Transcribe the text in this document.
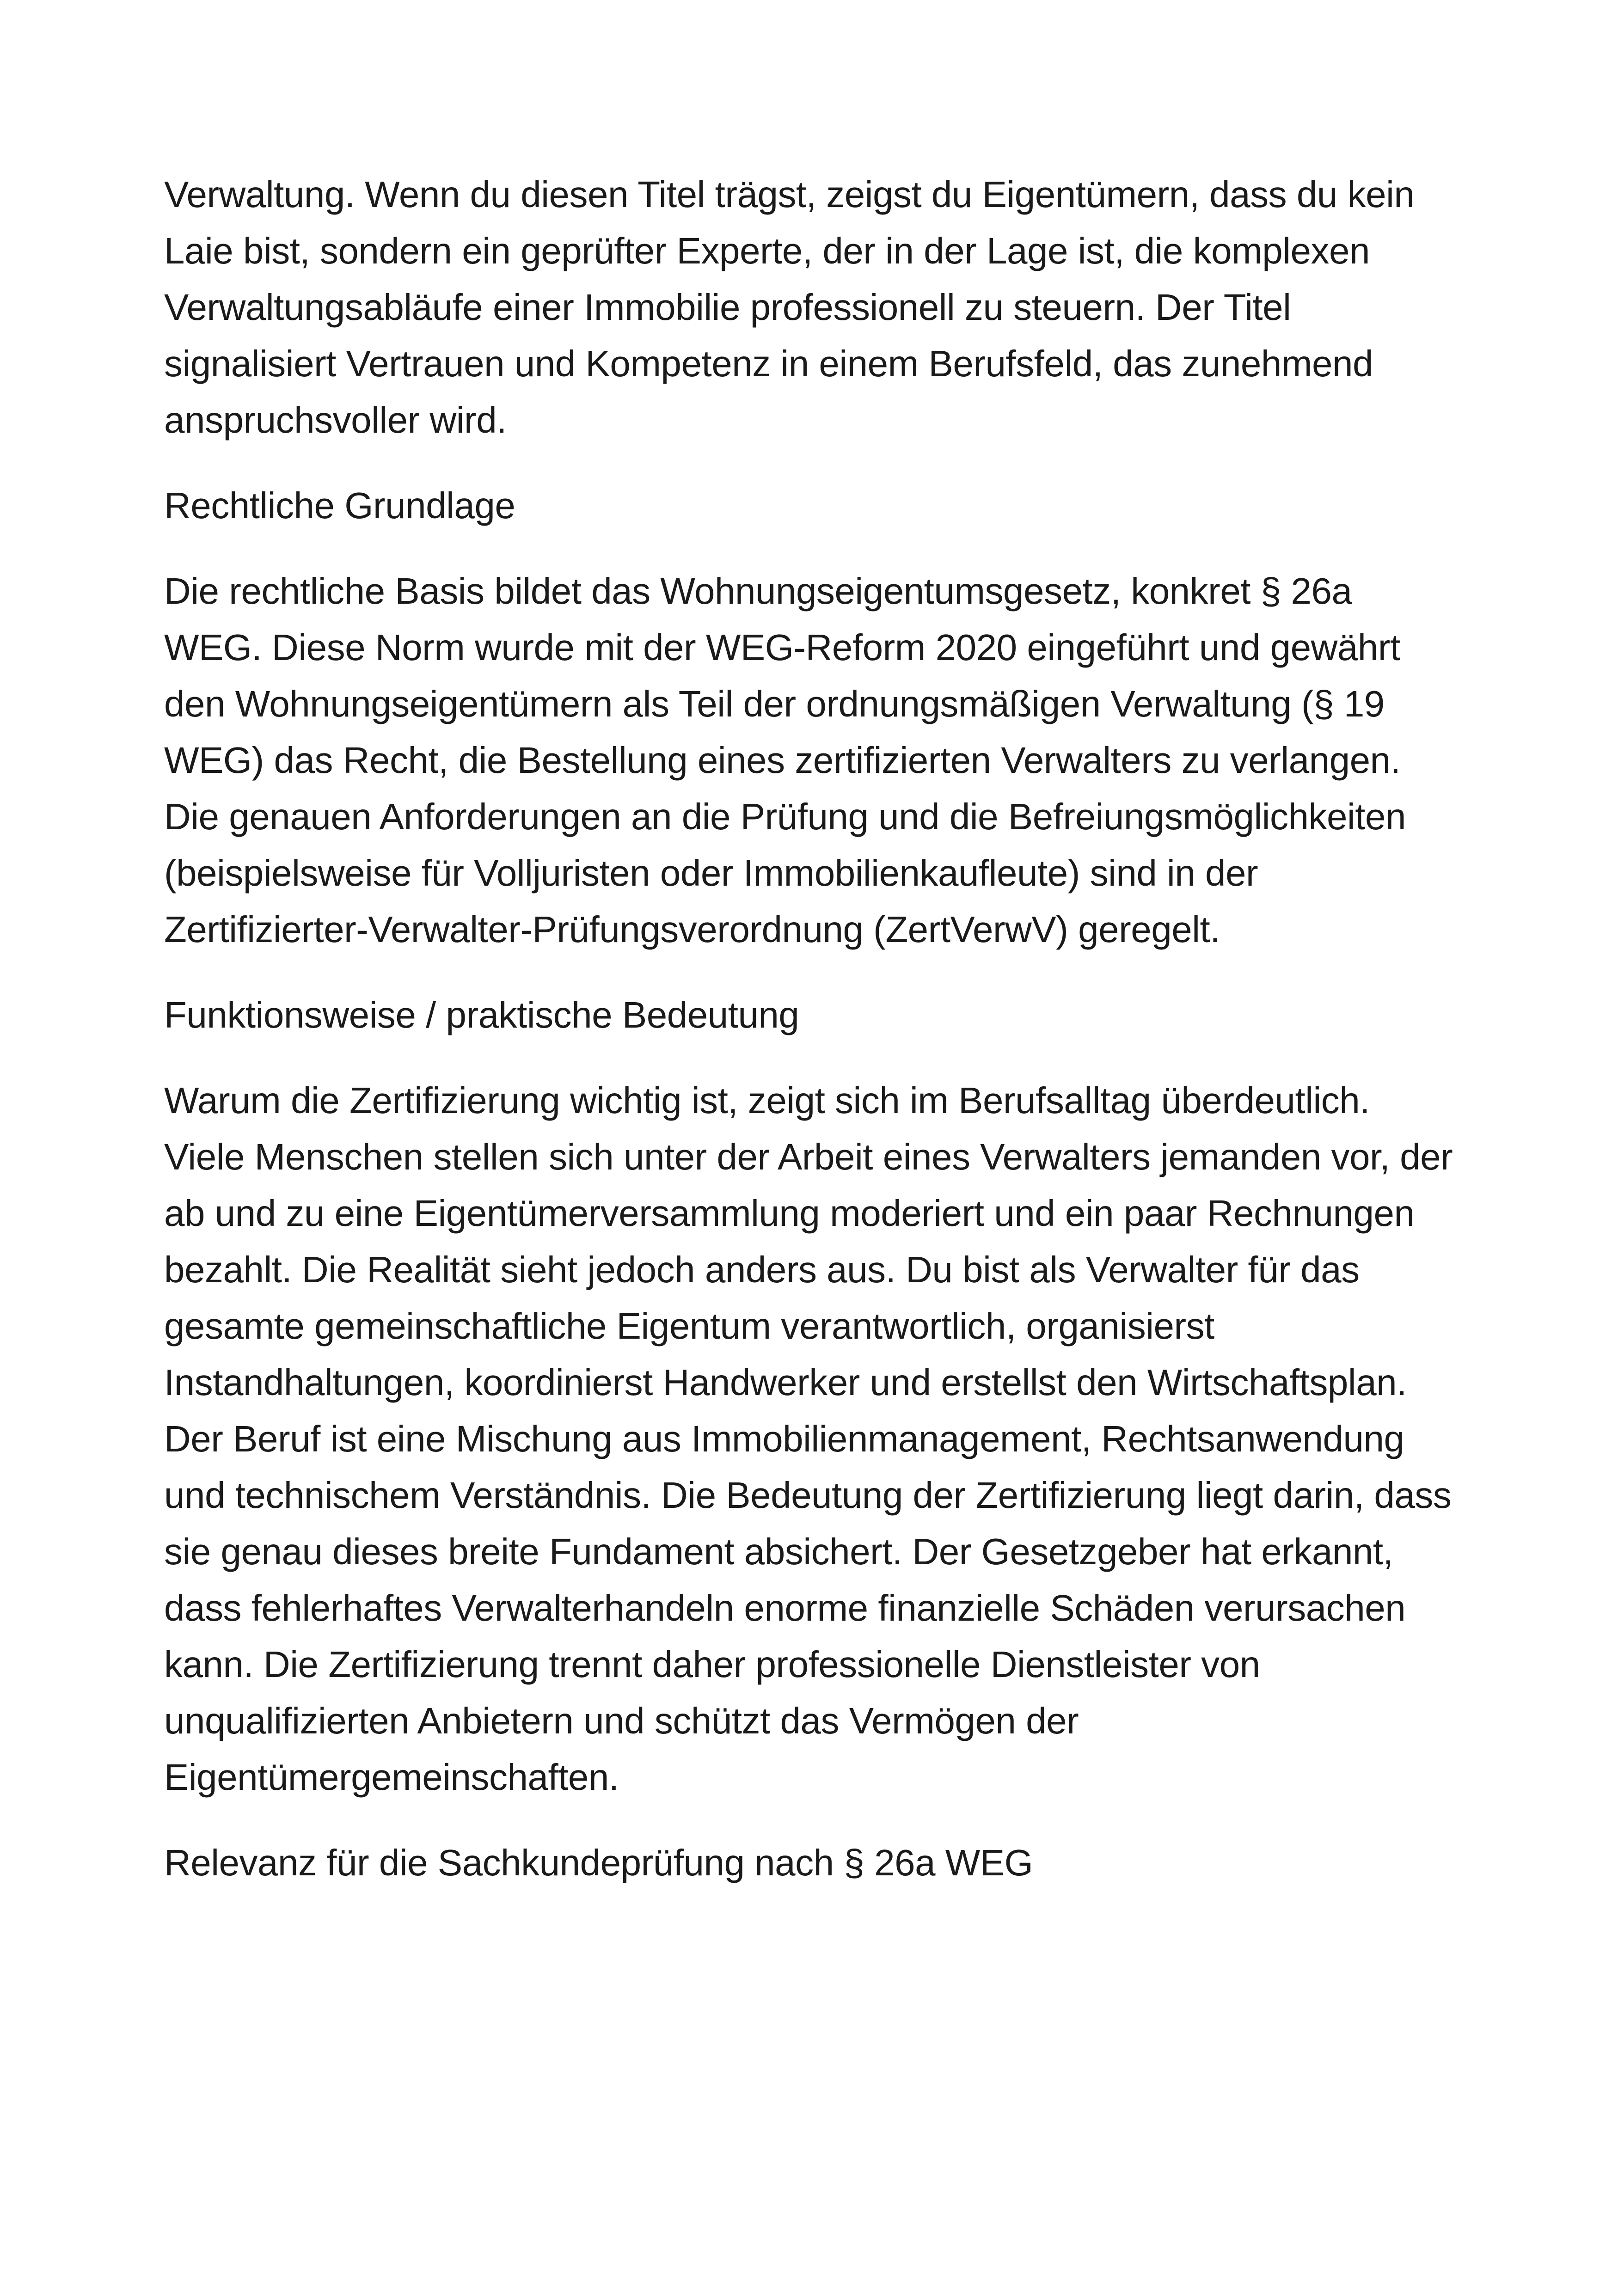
Verwaltung. Wenn du diesen Titel trägst, zeigst du Eigentümern, dass du kein Laie bist, sondern ein geprüfter Experte, der in der Lage ist, die komplexen Verwaltungsabläufe einer Immobilie professionell zu steuern. Der Titel signalisiert Vertrauen und Kompetenz in einem Berufsfeld, das zunehmend anspruchsvoller wird.

Rechtliche Grundlage

Die rechtliche Basis bildet das Wohnungseigentumsgesetz, konkret § 26a WEG. Diese Norm wurde mit der WEG-Reform 2020 eingeführt und gewährt den Wohnungseigentümern als Teil der ordnungsmäßigen Verwaltung (§ 19 WEG) das Recht, die Bestellung eines zertifizierten Verwalters zu verlangen. Die genauen Anforderungen an die Prüfung und die Befreiungsmöglichkeiten (beispielsweise für Volljuristen oder Immobilienkaufleute) sind in der Zertifizierter-Verwalter-Prüfungsverordnung (ZertVerwV) geregelt.

Funktionsweise / praktische Bedeutung

Warum die Zertifizierung wichtig ist, zeigt sich im Berufsalltag überdeutlich. Viele Menschen stellen sich unter der Arbeit eines Verwalters jemanden vor, der ab und zu eine Eigentümerversammlung moderiert und ein paar Rechnungen bezahlt. Die Realität sieht jedoch anders aus. Du bist als Verwalter für das gesamte gemeinschaftliche Eigentum verantwortlich, organisierst Instandhaltungen, koordinierst Handwerker und erstellst den Wirtschaftsplan. Der Beruf ist eine Mischung aus Immobilienmanagement, Rechtsanwendung und technischem Verständnis. Die Bedeutung der Zertifizierung liegt darin, dass sie genau dieses breite Fundament absichert. Der Gesetzgeber hat erkannt, dass fehlerhaftes Verwalterhandeln enorme finanzielle Schäden verursachen kann. Die Zertifizierung trennt daher professionelle Dienstleister von unqualifizierten Anbietern und schützt das Vermögen der Eigentümergemeinschaften.

Relevanz für die Sachkundeprüfung nach § 26a WEG
